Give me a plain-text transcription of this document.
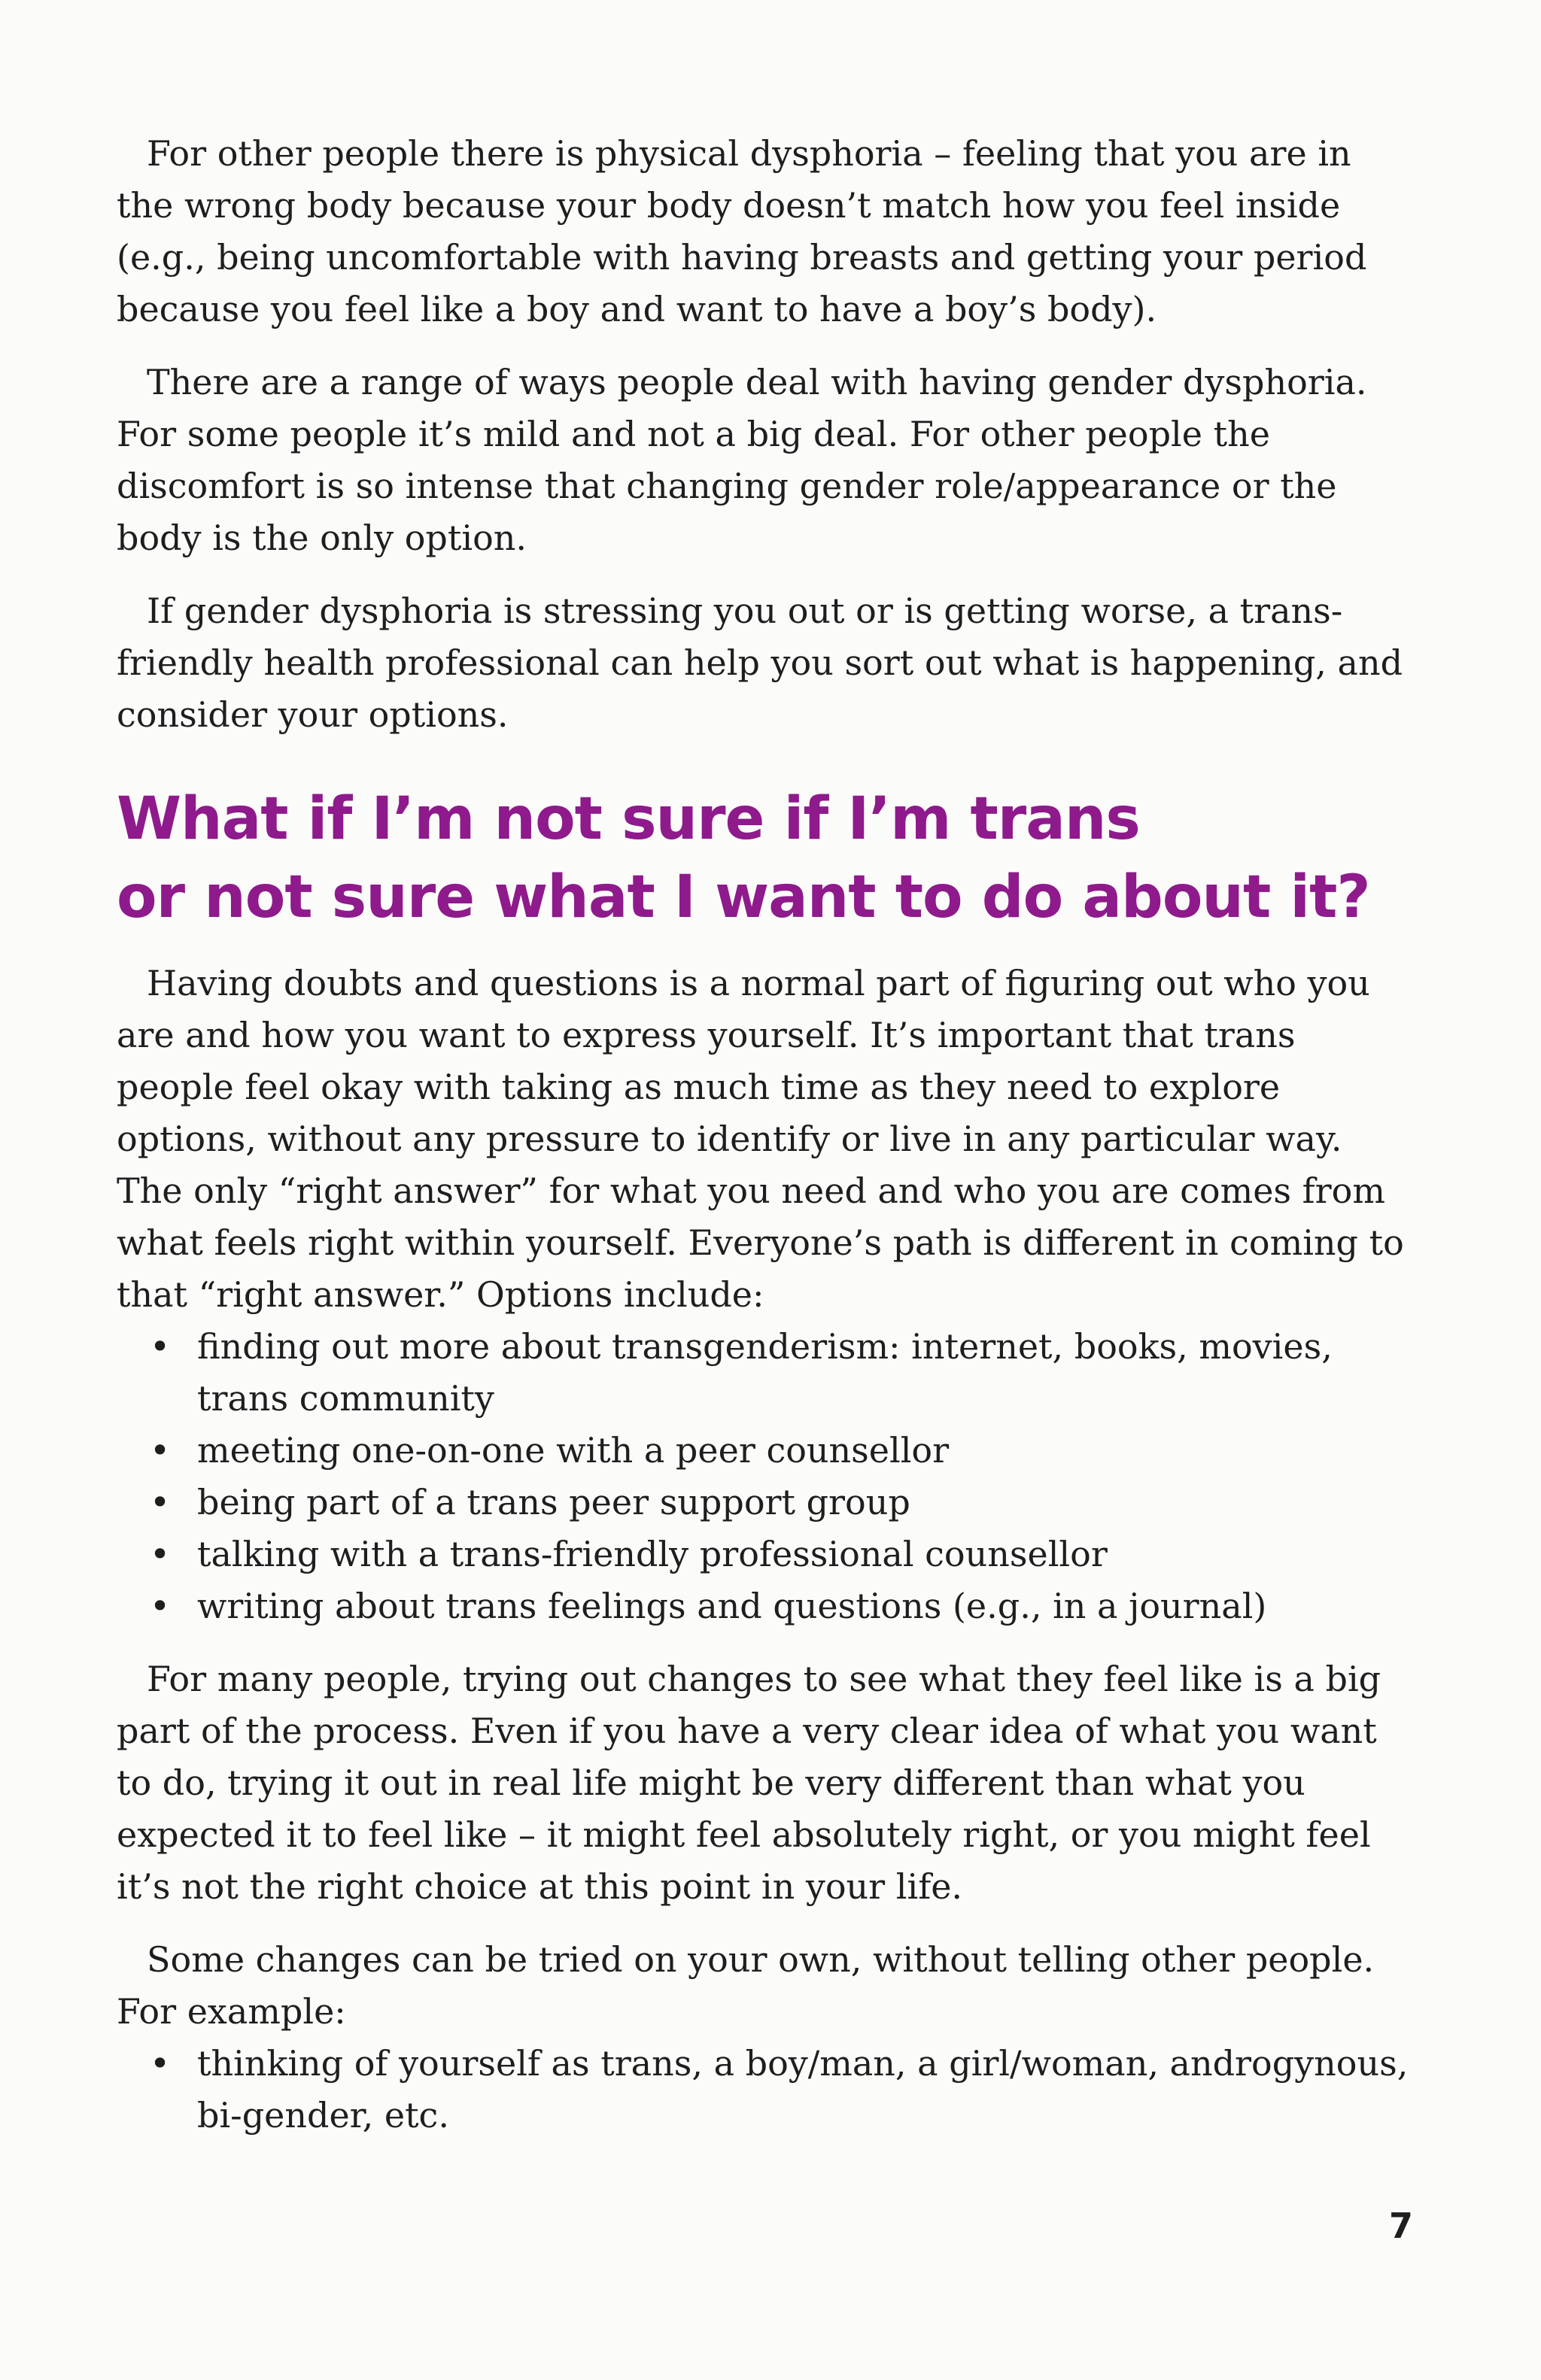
For other people there is physical dysphoria – feeling that you are in the wrong body because your body doesn’t match how you feel inside (e.g., being uncomfortable with having breasts and getting your period because you feel like a boy and want to have a boy’s body).

There are a range of ways people deal with having gender dysphoria. For some people it’s mild and not a big deal. For other people the discomfort is so intense that changing gender role/appearance or the body is the only option.

If gender dysphoria is stressing you out or is getting worse, a trans-friendly health professional can help you sort out what is happening, and consider your options.

What if I’m not sure if I’m trans
or not sure what I want to do about it?

Having doubts and questions is a normal part of figuring out who you are and how you want to express yourself. It’s important that trans people feel okay with taking as much time as they need to explore options, without any pressure to identify or live in any particular way. The only “right answer” for what you need and who you are comes from what feels right within yourself. Everyone’s path is different in coming to that “right answer.” Options include:

• finding out more about transgenderism: internet, books, movies, trans community
• meeting one-on-one with a peer counsellor
• being part of a trans peer support group
• talking with a trans-friendly professional counsellor
• writing about trans feelings and questions (e.g., in a journal)

For many people, trying out changes to see what they feel like is a big part of the process. Even if you have a very clear idea of what you want to do, trying it out in real life might be very different than what you expected it to feel like – it might feel absolutely right, or you might feel it’s not the right choice at this point in your life.

Some changes can be tried on your own, without telling other people. For example:

• thinking of yourself as trans, a boy/man, a girl/woman, androgynous, bi-gender, etc.
7
